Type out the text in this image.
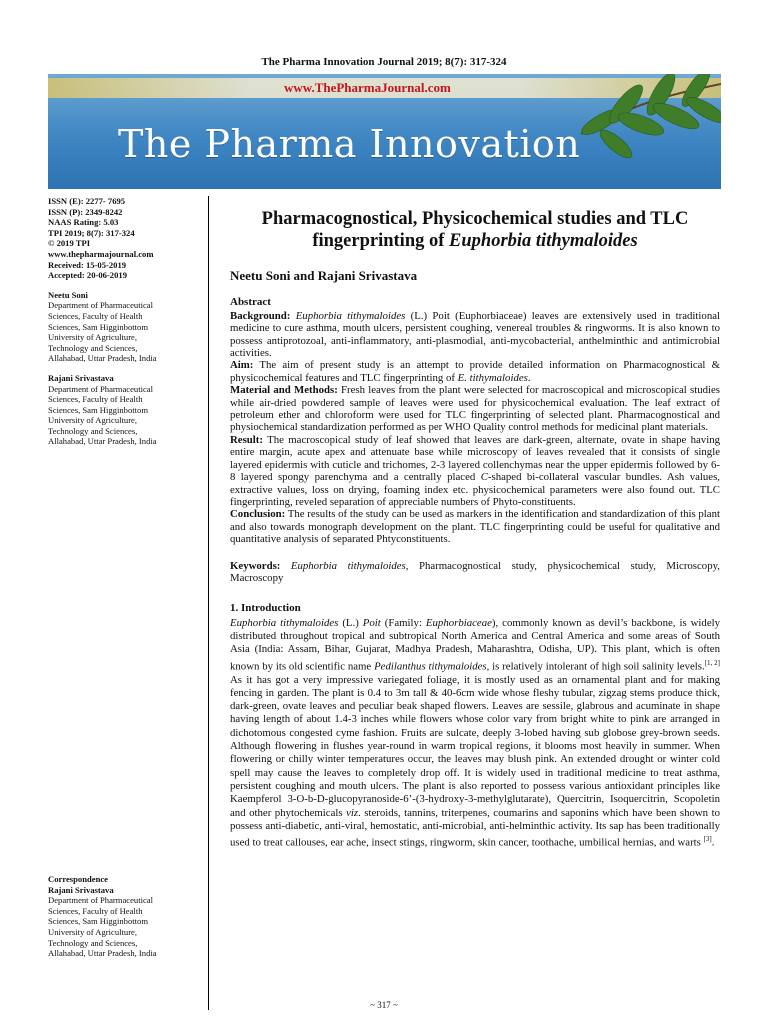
The Pharma Innovation Journal 2019; 8(7): 317-324
www.ThePharmaJournal.com
The Pharma Innovation
ISSN (E): 2277- 7695
ISSN (P): 2349-8242
NAAS Rating: 5.03
TPI 2019; 8(7): 317-324
© 2019 TPI
www.thepharmajournal.com
Received: 15-05-2019
Accepted: 20-06-2019
Neetu Soni
Department of Pharmaceutical
Sciences, Faculty of Health
Sciences, Sam Higginbottom
University of Agriculture,
Technology and Sciences,
Allahabad, Uttar Pradesh, India
Rajani Srivastava
Department of Pharmaceutical
Sciences, Faculty of Health
Sciences, Sam Higginbottom
University of Agriculture,
Technology and Sciences,
Allahabad, Uttar Pradesh, India
Correspondence
Rajani Srivastava
Department of Pharmaceutical
Sciences, Faculty of Health
Sciences, Sam Higginbottom
University of Agriculture,
Technology and Sciences,
Allahabad, Uttar Pradesh, India
Pharmacognostical, Physicochemical studies and TLC
fingerprinting of Euphorbia tithymaloides
Neetu Soni and Rajani Srivastava
Abstract

Background: Euphorbia tithymaloides (L.) Poit (Euphorbiaceae) leaves are extensively used in traditional medicine to cure asthma, mouth ulcers, persistent coughing, venereal troubles & ringworms. It is also known to possess antiprotozoal, anti-inflammatory, anti-plasmodial, anti-mycobacterial, anthelminthic and antimicrobial activities.

Aim: The aim of present study is an attempt to provide detailed information on Pharmacognostical & physicochemical features and TLC fingerprinting of E. tithymaloides.

Material and Methods: Fresh leaves from the plant were selected for macroscopical and microscopical studies while air-dried powdered sample of leaves were used for physicochemical evaluation. The leaf extract of petroleum ether and chloroform were used for TLC fingerprinting of selected plant. Pharmacognostical and physiochemical standardization performed as per WHO Quality control methods for medicinal plant materials.

Result: The macroscopical study of leaf showed that leaves are dark-green, alternate, ovate in shape having entire margin, acute apex and attenuate base while microscopy of leaves revealed that it consists of single layered epidermis with cuticle and trichomes, 2-3 layered collenchymas near the upper epidermis followed by 6-8 layered spongy parenchyma and a centrally placed C-shaped bi-collateral vascular bundles. Ash values, extractive values, loss on drying, foaming index etc. physicochemical parameters were also found out. TLC fingerprinting, reveled separation of appreciable numbers of Phyto-constituents.

Conclusion: The results of the study can be used as markers in the identification and standardization of this plant and also towards monograph development on the plant. TLC fingerprinting could be useful for qualitative and quantitative analysis of separated Phtyconstituents.

Keywords: Euphorbia tithymaloides, Pharmacognostical study, physicochemical study, Microscopy, Macroscopy

1. Introduction

Euphorbia tithymaloides (L.) Poit (Family: Euphorbiaceae), commonly known as devil’s backbone, is widely distributed throughout tropical and subtropical North America and Central America and some areas of South Asia (India: Assam, Bihar, Gujarat, Madhya Pradesh, Maharashtra, Odisha, UP). This plant, which is often known by its old scientific name Pedilanthus tithymaloides, is relatively intolerant of high soil salinity levels.[1, 2] As it has got a very impressive variegated foliage, it is mostly used as an ornamental plant and for making fencing in garden. The plant is 0.4 to 3m tall & 40-6cm wide whose fleshy tubular, zigzag stems produce thick, dark-green, ovate leaves and peculiar beak shaped flowers. Leaves are sessile, glabrous and acuminate in shape having length of about 1.4-3 inches while flowers whose color vary from bright white to pink are arranged in dichotomous congested cyme fashion. Fruits are sulcate, deeply 3-lobed having sub globose grey-brown seeds. Although flowering in flushes year-round in warm tropical regions, it blooms most heavily in summer. When flowering or chilly winter temperatures occur, the leaves may blush pink. An extended drought or winter cold spell may cause the leaves to completely drop off. It is widely used in traditional medicine to treat asthma, persistent coughing and mouth ulcers. The plant is also reported to possess various antioxidant principles like Kaempferol 3-O-b-D-glucopyranoside-6’-(3-hydroxy-3-methylglutarate), Quercitrin, Isoquercitrin, Scopoletin and other phytochemicals viz. steroids, tannins, triterpenes, coumarins and saponins which have been shown to possess anti-diabetic, anti-viral, hemostatic, anti-microbial, anti-helminthic activity. Its sap has been traditionally used to treat callouses, ear ache, insect stings, ringworm, skin cancer, toothache, umbilical hernias, and warts [3].

~ 317 ~
